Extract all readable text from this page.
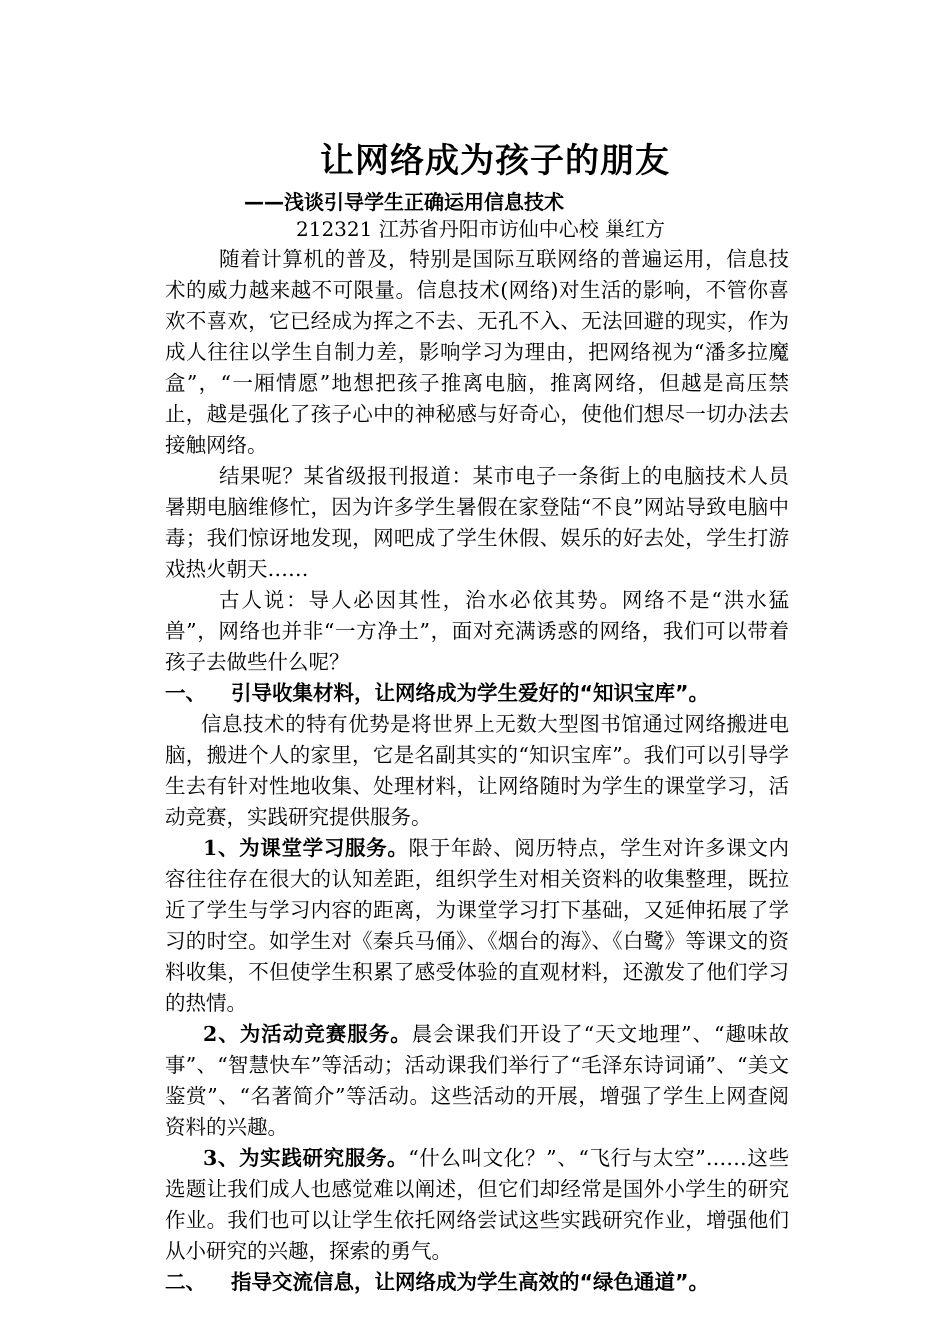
让网络成为孩子的朋友
——浅谈引导学生正确运用信息技术
212321 江苏省丹阳市访仙中心校 巢红方

随着计算机的普及，特别是国际互联网络的普遍运用，信息技术的威力越来越不可限量。信息技术(网络)对生活的影响，不管你喜欢不喜欢，它已经成为挥之不去、无孔不入、无法回避的现实，作为成人往往以学生自制力差，影响学习为理由，把网络视为“潘多拉魔盒”，“一厢情愿”地想把孩子推离电脑，推离网络，但越是高压禁止，越是强化了孩子心中的神秘感与好奇心，使他们想尽一切办法去接触网络。

结果呢？某省级报刊报道：某市电子一条街上的电脑技术人员暑期电脑维修忙，因为许多学生暑假在家登陆“不良”网站导致电脑中毒；我们惊讶地发现，网吧成了学生休假、娱乐的好去处，学生打游戏热火朝天……

古人说：导人必因其性，治水必依其势。网络不是“洪水猛兽”，网络也并非“一方净土”，面对充满诱惑的网络，我们可以带着孩子去做些什么呢？

一、 引导收集材料，让网络成为学生爱好的“知识宝库”。

信息技术的特有优势是将世界上无数大型图书馆通过网络搬进电脑，搬进个人的家里，它是名副其实的“知识宝库”。我们可以引导学生去有针对性地收集、处理材料，让网络随时为学生的课堂学习，活动竞赛，实践研究提供服务。

1、为课堂学习服务。限于年龄、阅历特点，学生对许多课文内容往往存在很大的认知差距，组织学生对相关资料的收集整理，既拉近了学生与学习内容的距离，为课堂学习打下基础，又延伸拓展了学习的时空。如学生对《秦兵马俑》、《烟台的海》、《白鹭》等课文的资料收集，不但使学生积累了感受体验的直观材料，还激发了他们学习的热情。

2、为活动竞赛服务。晨会课我们开设了“天文地理”、“趣味故事”、“智慧快车”等活动；活动课我们举行了“毛泽东诗词诵”、“美文鉴赏”、“名著简介”等活动。这些活动的开展，增强了学生上网查阅资料的兴趣。

3、为实践研究服务。“什么叫文化？”、“飞行与太空”……这些选题让我们成人也感觉难以阐述，但它们却经常是国外小学生的研究作业。我们也可以让学生依托网络尝试这些实践研究作业，增强他们从小研究的兴趣，探索的勇气。

二、 指导交流信息，让网络成为学生高效的“绿色通道”。
